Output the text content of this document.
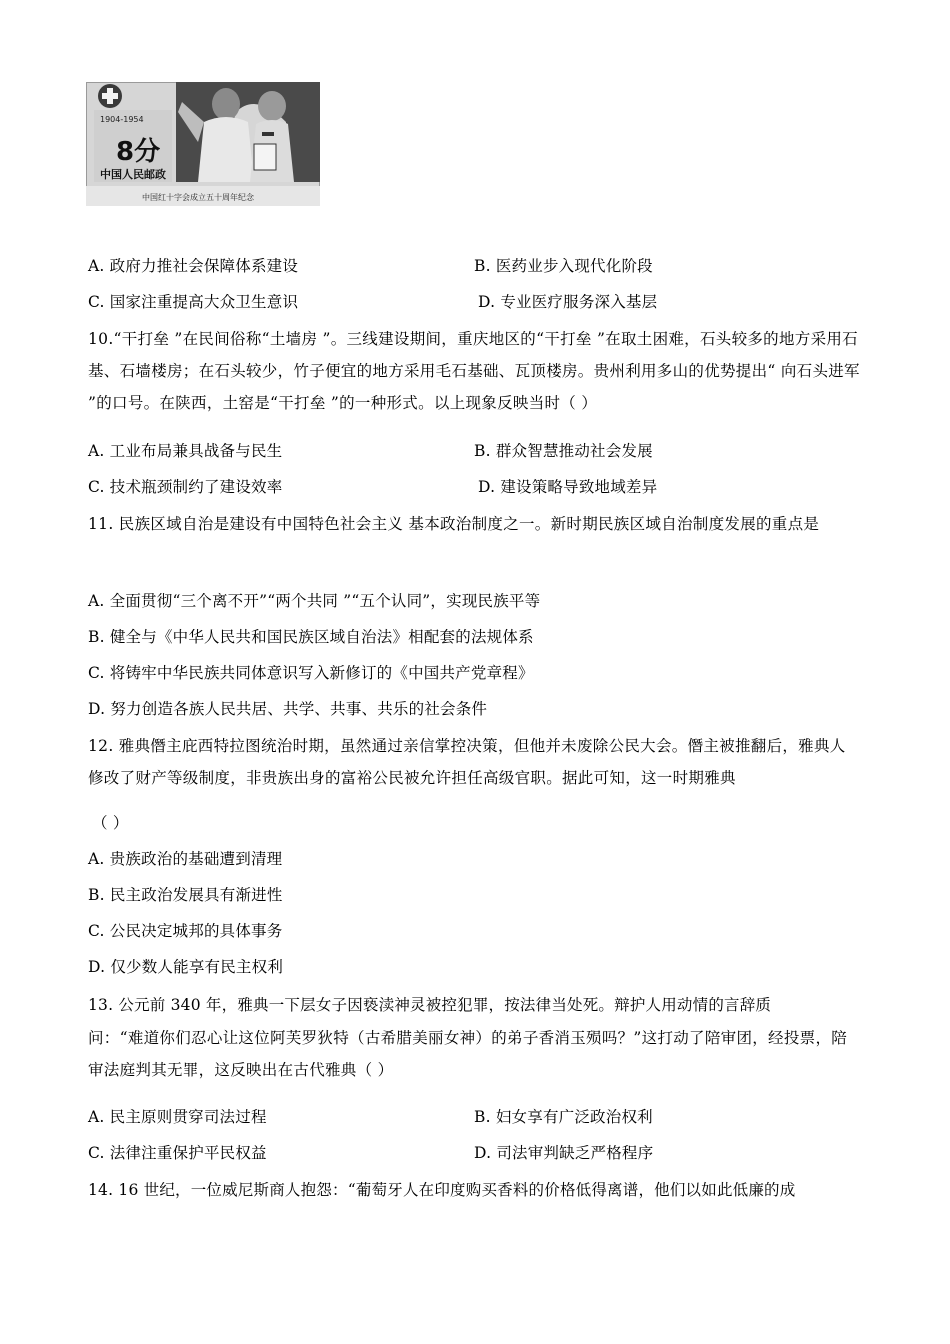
1904-1954
8分
中国人民邮政
中国红十字会成立五十周年纪念
A. 政府力推社会保障体系建设	B. 医药业步入现代化阶段
C. 国家注重提高大众卫生意识	D. 专业医疗服务深入基层
10.“干打垒 ”在民间俗称“土墙房 ”。三线建设期间，重庆地区的“干打垒 ”在取土困难，石头较多的地方采用石基、石墙楼房；在石头较少，竹子便宜的地方采用毛石基础、瓦顶楼房。贵州利用多山的优势提出“ 向石头进军 ”的口号。在陕西，土窑是“干打垒 ”的一种形式。以上现象反映当时（ ）
A. 工业布局兼具战备与民生	B. 群众智慧推动社会发展
C. 技术瓶颈制约了建设效率	D. 建设策略导致地域差异
11. 民族区域自治是建设有中国特色社会主义 基本政治制度之一。新时期民族区域自治制度发展的重点是
A. 全面贯彻“三个离不开”“两个共同 ”“五个认同”，实现民族平等
B. 健全与《中华人民共和国民族区域自治法》相配套的法规体系
C. 将铸牢中华民族共同体意识写入新修订的《中国共产党章程》
D. 努力创造各族人民共居、共学、共事、共乐的社会条件
12. 雅典僭主庇西特拉图统治时期，虽然通过亲信掌控决策，但他并未废除公民大会。僭主被推翻后，雅典人修改了财产等级制度，非贵族出身的富裕公民被允许担任高级官职。据此可知，这一时期雅典
（ ）
A. 贵族政治的基础遭到清理
B. 民主政治发展具有渐进性
C. 公民决定城邦的具体事务
D. 仅少数人能享有民主权利
13. 公元前 340 年，雅典一下层女子因亵渎神灵被控犯罪，按法律当处死。辩护人用动情的言辞质
问：“难道你们忍心让这位阿芙罗狄特（古希腊美丽女神）的弟子香消玉殒吗？”这打动了陪审团，经投票，陪审法庭判其无罪，这反映出在古代雅典（ ）
A. 民主原则贯穿司法过程	B. 妇女享有广泛政治权利
C. 法律注重保护平民权益	D. 司法审判缺乏严格程序
14. 16 世纪，一位威尼斯商人抱怨：“葡萄牙人在印度购买香料的价格低得离谱，他们以如此低廉的成
